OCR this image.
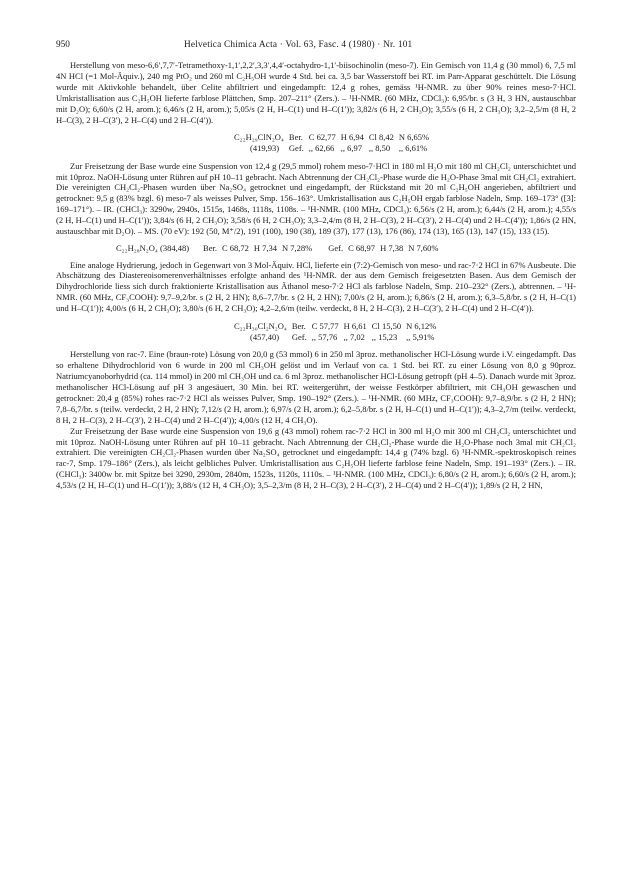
950	Helvetica Chimica Acta · Vol. 63, Fasc. 4 (1980) · Nr. 101

Herstellung von meso-6,6′,7,7′-Tetramethoxy-1,1′,2,2′,3,3′,4,4′-octahydro-1,1′-biisochinolin (meso-7). Ein Gemisch von 11,4 g (30 mmol) 6, 7,5 ml 4N HCl (=1 Mol-Äquiv.), 240 mg PtO₂ und 260 ml C₂H₅OH wurde 4 Std. bei ca. 3,5 bar Wasserstoff bei RT. im Parr-Apparat geschüttelt. Die Lösung wurde mit Aktivkohle behandelt, über Celite abfiltriert und eingedampft: 12,4 g rohes, gemäss ¹H-NMR. zu über 90% reines meso-7·HCl. Umkristallisation aus C₂H₅OH lieferte farblose Plättchen, Smp. 207–211° (Zers.). – ¹H-NMR. (60 MHz, CDCl₃): 6,95/br. s (3 H, 3 HN, austauschbar mit D₂O); 6,60/s (2 H, arom.); 6,46/s (2 H, arom.); 5,05/s (2 H, H–C(1) und H–C(1′)); 3,82/s (6 H, 2 CH₃O); 3,55/s (6 H, 2 CH₃O); 3,2–2,5/m (8 H, 2 H–C(3), 2 H–C(3′), 2 H–C(4) und 2 H–C(4′)).

C₂₂H₂₉ClN₂O₄	Ber.	C 62,77	H 6,94	Cl 8,42	N 6,65%
(419,93)	Gef.	,, 62,66	,, 6,97	,, 8,50	,, 6,61%

Zur Freisetzung der Base wurde eine Suspension von 12,4 g (29,5 mmol) rohem meso-7·HCl in 180 ml H₂O mit 180 ml CH₂Cl₂ unterschichtet und mit 10proz. NaOH-Lösung unter Rühren auf pH 10–11 gebracht. Nach Abtrennung der CH₂Cl₂-Phase wurde die H₂O-Phase 3mal mit CH₂Cl₂ extrahiert. Die vereinigten CH₂Cl₂-Phasen wurden über Na₂SO₄ getrocknet und eingedampft, der Rückstand mit 20 ml C₂H₅OH angerieben, abfiltriert und getrocknet: 9,5 g (83% bzgl. 6) meso-7 als weisses Pulver, Smp. 156–163°. Umkristallisation aus C₂H₅OH ergab farblose Nadeln, Smp. 169–173° ([3]: 169–171°). – IR. (CHCl₃): 3290w, 2940s, 1515s, 1468s, 1118s, 1108s. – ¹H-NMR. (100 MHz, CDCl₃): 6,56/s (2 H, arom.); 6,44/s (2 H, arom.); 4,55/s (2 H, H–C(1) und H–C(1′)); 3,84/s (6 H, 2 CH₃O); 3,58/s (6 H, 2 CH₃O); 3,3–2,4/m (8 H, 2 H–C(3), 2 H–C(3′), 2 H–C(4) und 2 H–C(4′)); 1,86/s (2 HN, austauschbar mit D₂O). – MS. (70 eV): 192 (50, M⁺/2), 191 (100), 190 (38), 189 (37), 177 (13), 176 (86), 174 (13), 165 (13), 147 (15), 133 (15).

C₂₂H₂₈N₂O₄ (384,48)	Ber.	C 68,72	H 7,34	N 7,28%	Gef.	C 68,97	H 7,38	N 7,60%

Eine analoge Hydrierung, jedoch in Gegenwart von 3 Mol-Äquiv. HCl, lieferte ein (7:2)-Gemisch von meso- und rac-7·2 HCl in 67% Ausbeute. Die Abschätzung des Diastereoisomerenverhältnisses erfolgte anhand des ¹H-NMR. der aus dem Gemisch freigesetzten Basen. Aus dem Gemisch der Dihydrochloride liess sich durch fraktionierte Kristallisation aus Äthanol meso-7·2 HCl als farblose Nadeln, Smp. 210–232° (Zers.), abtrennen. – ¹H-NMR. (60 MHz, CF₃COOH): 9,7–9,2/br. s (2 H, 2 HN); 8,6–7,7/br. s (2 H, 2 HN); 7,00/s (2 H, arom.); 6,86/s (2 H, arom.); 6,3–5,8/br. s (2 H, H–C(1) und H–C(1′)); 4,00/s (6 H, 2 CH₃O); 3,80/s (6 H, 2 CH₃O); 4,2–2,6/m (teilw. verdeckt, 8 H, 2 H–C(3), 2 H–C(3′), 2 H–C(4) und 2 H–C(4′)).

C₂₂H₃₀Cl₂N₂O₄	Ber.	C 57,77	H 6,61	Cl 15,50	N 6,12%
(457,40)	Gef.	,, 57,76	,, 7,02	,, 15,23	,, 5,91%

Herstellung von rac-7. Eine (braun-rote) Lösung von 20,0 g (53 mmol) 6 in 250 ml 3proz. methanolischer HCl-Lösung wurde i.V. eingedampft. Das so erhaltene Dihydrochlorid von 6 wurde in 200 ml CH₃OH gelöst und im Verlauf von ca. 1 Std. bei RT. zu einer Lösung von 8,0 g 90proz. Natriumcyanoborhydrid (ca. 114 mmol) in 200 ml CH₃OH und ca. 6 ml 3proz. methanolischer HCl-Lösung getropft (pH 4–5). Danach wurde mit 3proz. methanolischer HCl-Lösung auf pH 3 angesäuert, 30 Min. bei RT. weitergerührt, der weisse Festkörper abfiltriert, mit CH₃OH gewaschen und getrocknet: 20,4 g (85%) rohes rac-7·2 HCl als weisses Pulver, Smp. 190–192° (Zers.). – ¹H-NMR. (60 MHz, CF₃COOH): 9,7–8,9/br. s (2 H, 2 HN); 7,8–6,7/br. s (teilw. verdeckt, 2 H, 2 HN); 7,12/s (2 H, arom.); 6,97/s (2 H, arom.); 6,2–5,8/br. s (2 H, H–C(1) und H–C(1′)); 4,3–2,7/m (teilw. verdeckt, 8 H, 2 H–C(3), 2 H–C(3′), 2 H–C(4) und 2 H–C(4′)); 4,00/s (12 H, 4 CH₃O).

Zur Freisetzung der Base wurde eine Suspension von 19,6 g (43 mmol) rohem rac-7·2 HCl in 300 ml H₂O mit 300 ml CH₂Cl₂ unterschichtet und mit 10proz. NaOH-Lösung unter Rühren auf pH 10–11 gebracht. Nach Abtrennung der CH₂Cl₂-Phase wurde die H₂O-Phase noch 3mal mit CH₂Cl₂ extrahiert. Die vereinigten CH₂Cl₂-Phasen wurden über Na₂SO₄ getrocknet und eingedampft: 14,4 g (74% bzgl. 6) ¹H-NMR.-spektroskopisch reines rac-7, Smp. 179–186° (Zers.), als leicht gelbliches Pulver. Umkristallisation aus C₂H₅OH lieferte farblose feine Nadeln, Smp. 191–193° (Zers.). – IR. (CHCl₃): 3400w br. mit Spitze bei 3290, 2930m, 2840m, 1523s, 1120s, 1110s. – ¹H-NMR. (100 MHz, CDCl₃): 6,80/s (2 H, arom.); 6,60/s (2 H, arom.); 4,53/s (2 H, H–C(1) und H–C(1′)); 3,88/s (12 H, 4 CH₃O); 3,5–2,3/m (8 H, 2 H–C(3), 2 H–C(3′), 2 H–C(4) und 2 H–C(4′)); 1,89/s (2 H, 2 HN,
